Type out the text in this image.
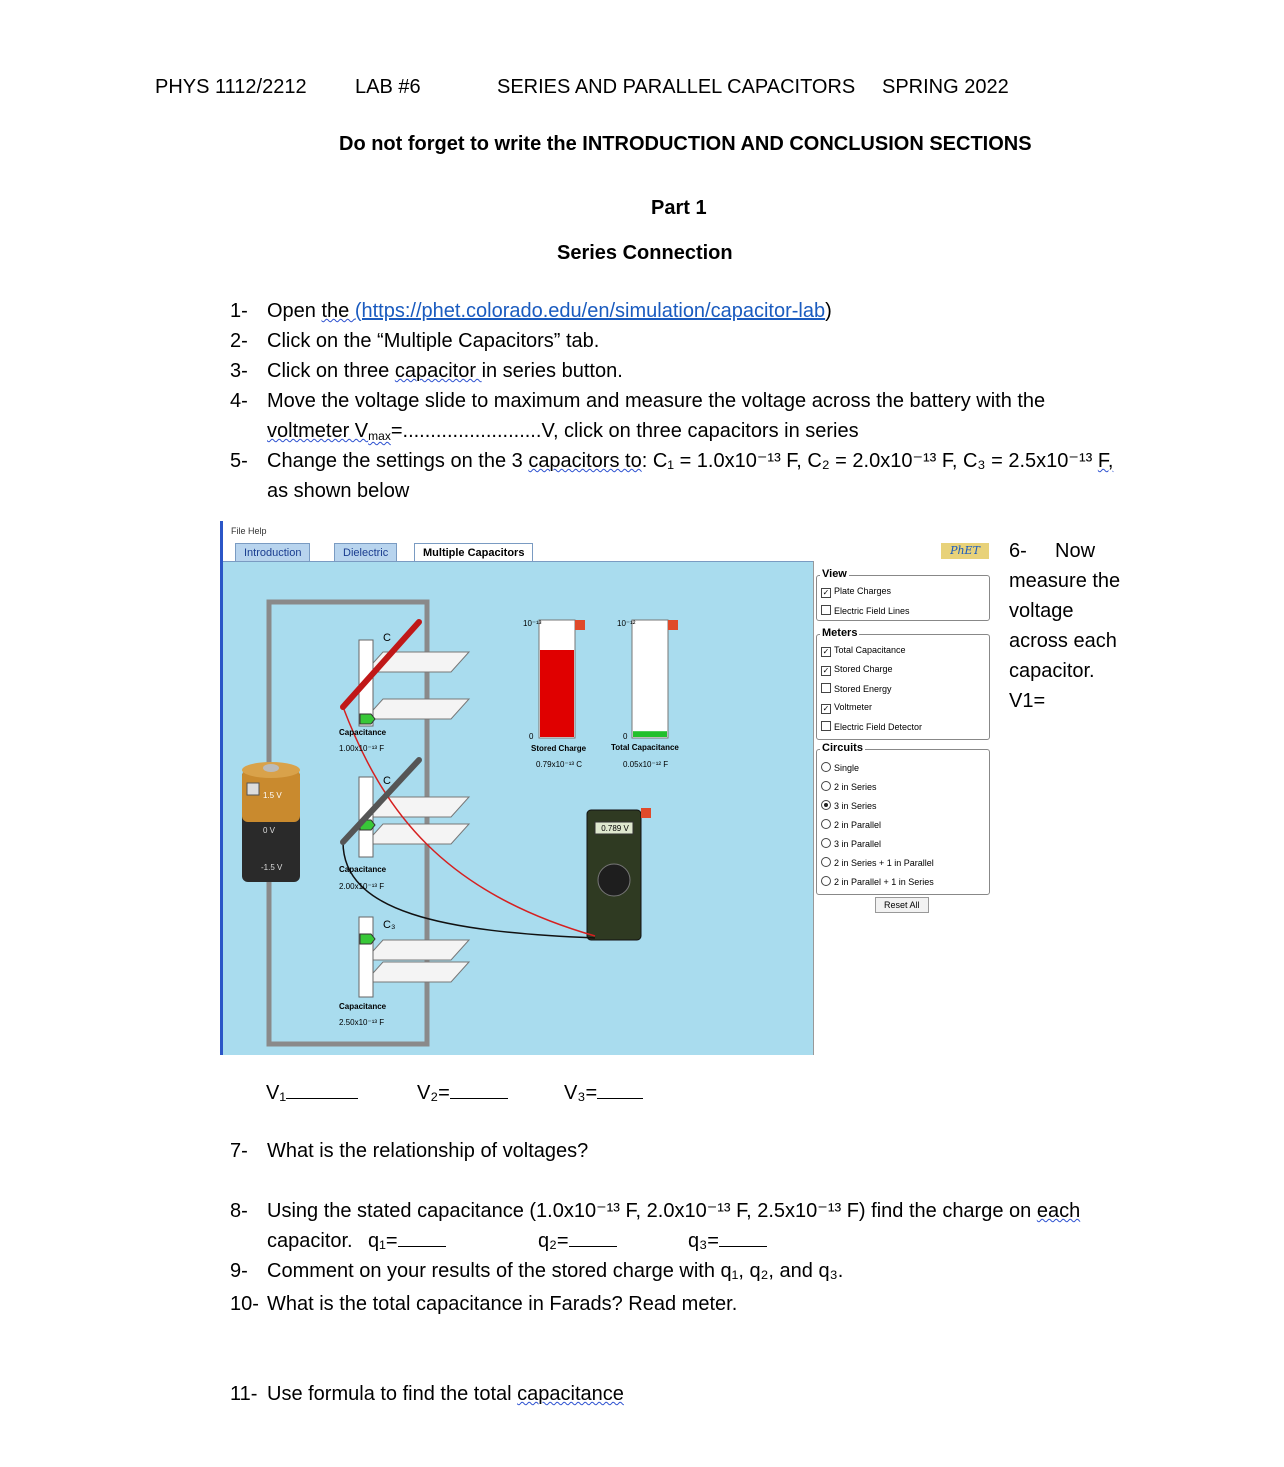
PHYS 1112/2212 LAB #6	SERIES AND PARALLEL CAPACITORS SPRING 2022
Do not forget to write the INTRODUCTION AND CONCLUSION SECTIONS
Part 1
Series Connection
1- Open the (https://phet.colorado.edu/en/simulation/capacitor-lab)
2- Click on the “Multiple Capacitors” tab.
3- Click on three capacitor in series button.
4- Move the voltage slide to maximum and measure the voltage across the battery with the
voltmeter $V_{max}=.........................V$, click on three capacitors in series
5- Change the settings on the 3 capacitors to: C₁ = 1.0x10⁻¹³ F, C₂ = 2.0x10⁻¹³ F, C₃ = 2.5x10⁻¹³ F,
as shown below
File Help
Introduction	Dielectric	Multiple Capacitors	PhET
1.5 V
0 V
-1.5 V
C
Capacitance
1.00x10⁻¹³ F
C
Capacitance
2.00x10⁻¹³ F
C₃
Capacitance
2.50x10⁻¹³ F
10⁻¹³	10⁻¹²
0	0
Stored Charge
0.79x10⁻¹³ C
Total Capacitance
0.05x10⁻¹² F
0.789 V
View
✓ Plate Charges
Electric Field Lines
Meters
✓ Total Capacitance
✓ Stored Charge
Stored Energy
✓ Voltmeter
Electric Field Detector
Circuits
Single
2 in Series
3 in Series
2 in Parallel
3 in Parallel
2 in Series + 1 in Parallel
2 in Parallel + 1 in Series
Reset All
6- Now
measure the
voltage
across each
capacitor.
V1=
V₁	V₂=	V₃=
7- What is the relationship of voltages?
8- Using the stated capacitance (1.0x10⁻¹³ F, 2.0x10⁻¹³ F, 2.5x10⁻¹³ F) find the charge on each
capacitor. q₁=	q₂=	q₃=
9- Comment on your results of the stored charge with q₁, q₂, and q₃.
10- What is the total capacitance in Farads? Read meter.
11- Use formula to find the total capacitance
